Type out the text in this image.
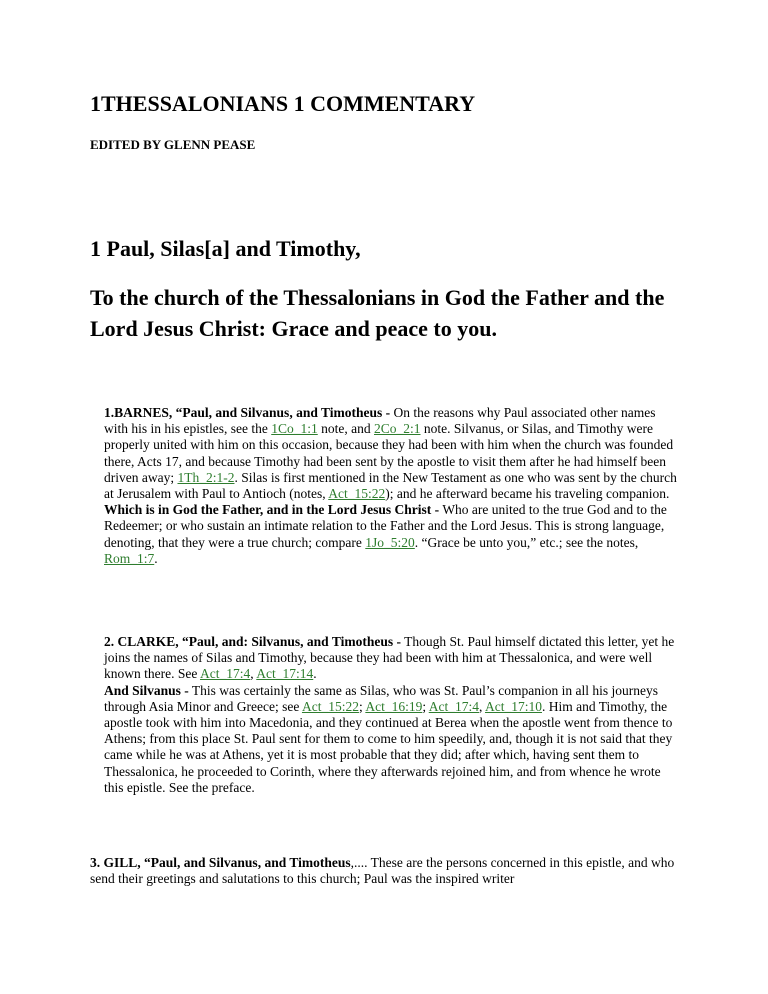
1THESSALONIANS 1 COMMENTARY
EDITED BY GLENN PEASE
1 Paul, Silas[a] and Timothy,
To the church of the Thessalonians in God the Father and the Lord Jesus Christ: Grace and peace to you.

1.BARNES, “Paul, and Silvanus, and Timotheus - On the reasons why Paul associated other names with his in his epistles, see the 1Co_1:1 note, and 2Co_2:1 note. Silvanus, or Silas, and Timothy were properly united with him on this occasion, because they had been with him when the church was founded there, Acts 17, and because Timothy had been sent by the apostle to visit them after he had himself been driven away; 1Th_2:1-2. Silas is first mentioned in the New Testament as one who was sent by the church at Jerusalem with Paul to Antioch (notes, Act_15:22); and he afterward became his traveling companion.

Which is in God the Father, and in the Lord Jesus Christ - Who are united to the true God and to the Redeemer; or who sustain an intimate relation to the Father and the Lord Jesus. This is strong language, denoting, that they were a true church; compare 1Jo_5:20. “Grace be unto you,” etc.; see the notes, Rom_1:7.

2. CLARKE, “Paul, and: Silvanus, and Timotheus - Though St. Paul himself dictated this letter, yet he joins the names of Silas and Timothy, because they had been with him at Thessalonica, and were well known there. See Act_17:4, Act_17:14.

And Silvanus - This was certainly the same as Silas, who was St. Paul’s companion in all his journeys through Asia Minor and Greece; see Act_15:22; Act_16:19; Act_17:4, Act_17:10. Him and Timothy, the apostle took with him into Macedonia, and they continued at Berea when the apostle went from thence to Athens; from this place St. Paul sent for them to come to him speedily, and, though it is not said that they came while he was at Athens, yet it is most probable that they did; after which, having sent them to Thessalonica, he proceeded to Corinth, where they afterwards rejoined him, and from whence he wrote this epistle. See the preface.

3. GILL, “Paul, and Silvanus, and Timotheus,.... These are the persons concerned in this epistle, and who send their greetings and salutations to this church; Paul was the inspired writer
